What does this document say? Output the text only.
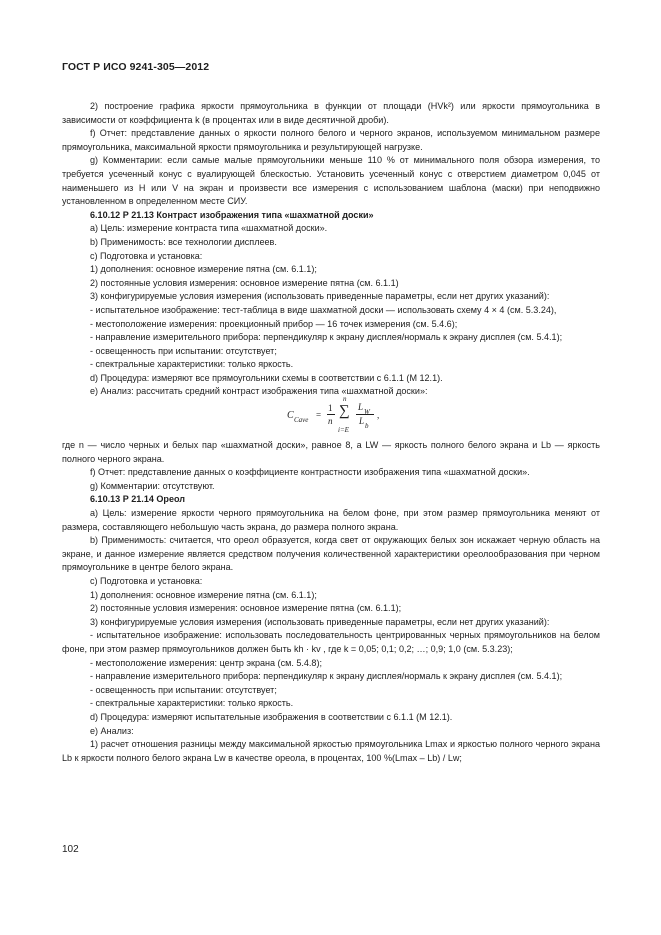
ГОСТ Р ИСО 9241-305—2012

2) построение графика яркости прямоугольника в функции от площади (HVk²) или яркости прямоугольника в зависимости от коэффициента k (в процентах или в виде десятичной дроби).

f) Отчет: представление данных о яркости полного белого и черного экранов, используемом минимальном размере прямоугольника, максимальной яркости прямоугольника и результирующей нагрузке.

g) Комментарии: если самые малые прямоугольники меньше 110 % от минимального поля обзора измерения, то требуется усеченный конус с вуалирующей блескостью. Установить усеченный конус с отверстием диаметром 0,045 от наименьшего из H или V на экран и произвести все измерения с использованием шаблона (маски) при неподвижно установленном в определенном месте СИУ.

6.10.12 Р 21.13 Контраст изображения типа «шахматной доски»

a) Цель: измерение контраста типа «шахматной доски».

b) Применимость: все технологии дисплеев.

c) Подготовка и установка:

1) дополнения: основное измерение пятна (см. 6.1.1);

2) постоянные условия измерения: основное измерение пятна (см. 6.1.1)

3) конфигурируемые условия измерения (использовать приведенные параметры, если нет других указаний):

- испытательное изображение: тест-таблица в виде шахматной доски — использовать схему 4 × 4 (см. 5.3.24),

- местоположение измерения: проекционный прибор — 16 точек измерения (см. 5.4.6);

- направление измерительного прибора: перпендикуляр к экрану дисплея/нормаль к экрану дисплея (см. 5.4.1);

- освещенность при испытании: отсутствует;

- спектральные характеристики: только яркость.

d) Процедура: измеряют все прямоугольники схемы в соответствии с 6.1.1 (М 12.1).

e) Анализ: рассчитать средний контраст изображения типа «шахматной доски»:

C Cave =
1
n
∑
n
i=E
L W
L b
,

где n — число черных и белых пар «шахматной доски», равное 8, а LW — яркость полного белого экрана и Lb — яркость полного черного экрана.

f) Отчет: представление данных о коэффициенте контрастности изображения типа «шахматной доски».

g) Комментарии: отсутствуют.

6.10.13 Р 21.14 Ореол

a) Цель: измерение яркости черного прямоугольника на белом фоне, при этом размер прямоугольника меняют от размера, составляющего небольшую часть экрана, до размера полного экрана.

b) Применимость: считается, что ореол образуется, когда свет от окружающих белых зон искажает черную область на экране, и данное измерение является средством получения количественной характеристики ореолообразования при черном прямоугольнике в центре белого экрана.

c) Подготовка и установка:

1) дополнения: основное измерение пятна (см. 6.1.1);

2) постоянные условия измерения: основное измерение пятна (см. 6.1.1);

3) конфигурируемые условия измерения (использовать приведенные параметры, если нет других указаний):

- испытательное изображение: использовать последовательность центрированных черных прямоугольников на белом фоне, при этом размер прямоугольников должен быть kh · kv , где k = 0,05; 0,1; 0,2; …; 0,9; 1,0 (см. 5.3.23);

- местоположение измерения: центр экрана (см. 5.4.8);

- направление измерительного прибора: перпендикуляр к экрану дисплея/нормаль к экрану дисплея (см. 5.4.1);

- освещенность при испытании: отсутствует;

- спектральные характеристики: только яркость.

d) Процедура: измеряют испытательные изображения в соответствии с 6.1.1 (М 12.1).

e) Анализ:

1) расчет отношения разницы между максимальной яркостью прямоугольника Lmax и яркостью полного черного экрана Lb к яркости полного белого экрана Lw в качестве ореола, в процентах, 100 %(Lmax – Lb) / Lw;

102
